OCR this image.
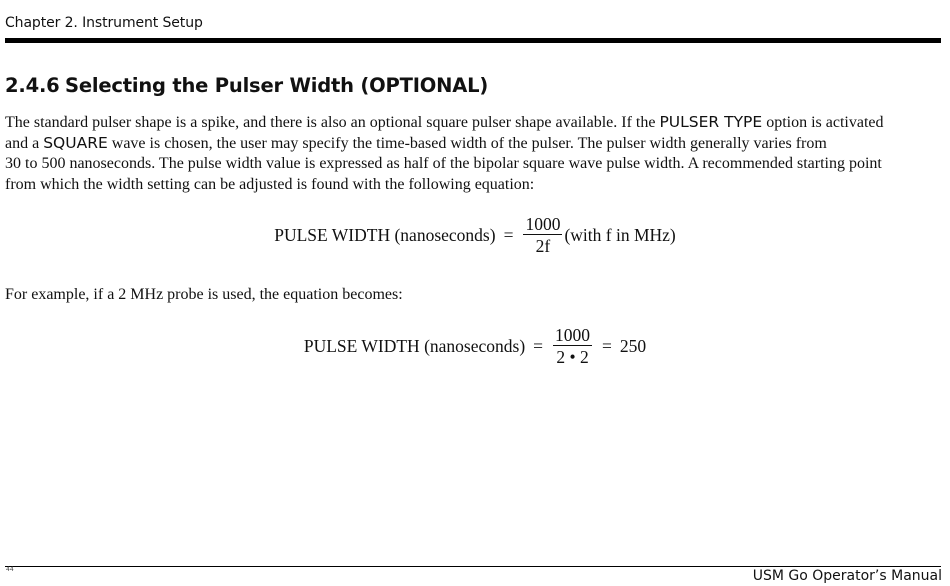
Chapter 2. Instrument Setup
2.4.6 Selecting the Pulser Width (OPTIONAL)
The standard pulser shape is a spike, and there is also an optional square pulser shape available. If the PULSER TYPE option is activated
and a SQUARE wave is chosen, the user may specify the time-based width of the pulser. The pulser width generally varies from
30 to 500 nanoseconds. The pulse width value is expressed as half of the bipolar square wave pulse width. A recommended starting point
from which the width setting can be adjusted is found with the following equation:
PULSE WIDTH (nanoseconds) = $\frac{1000}{2f}$ (with f in MHz)
For example, if a 2 MHz probe is used, the equation becomes:
PULSE WIDTH (nanoseconds) = $\frac{1000}{2 • 2} = 250$
44	USM Go Operator’s Manual
